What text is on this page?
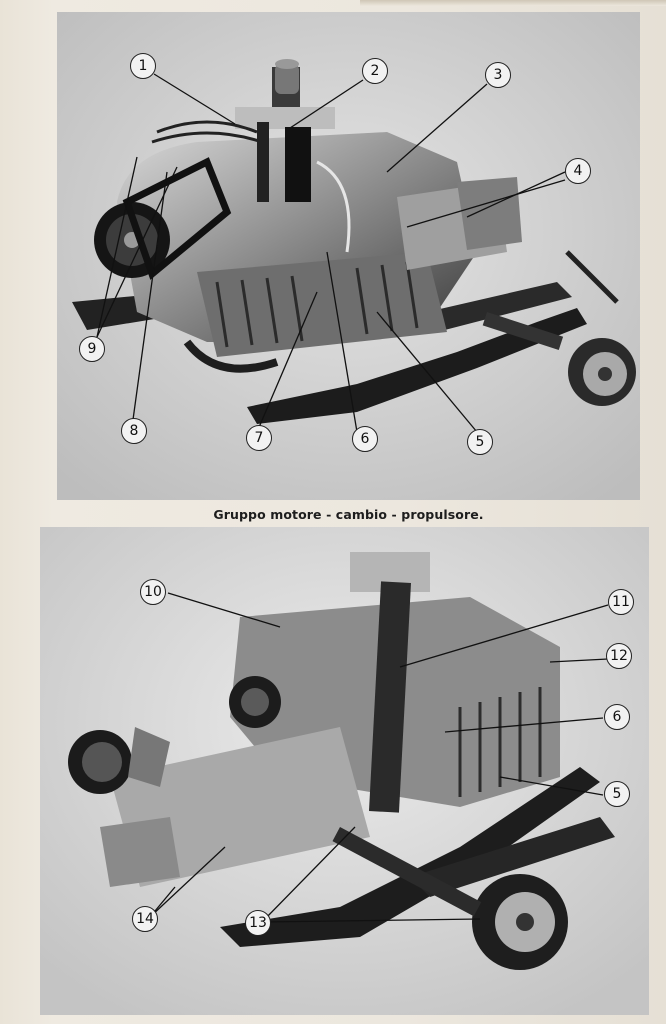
1	2	3
4
5
6
7
8
9
Gruppo motore - cambio - propulsore.
10
11
12
6
5
13
14
